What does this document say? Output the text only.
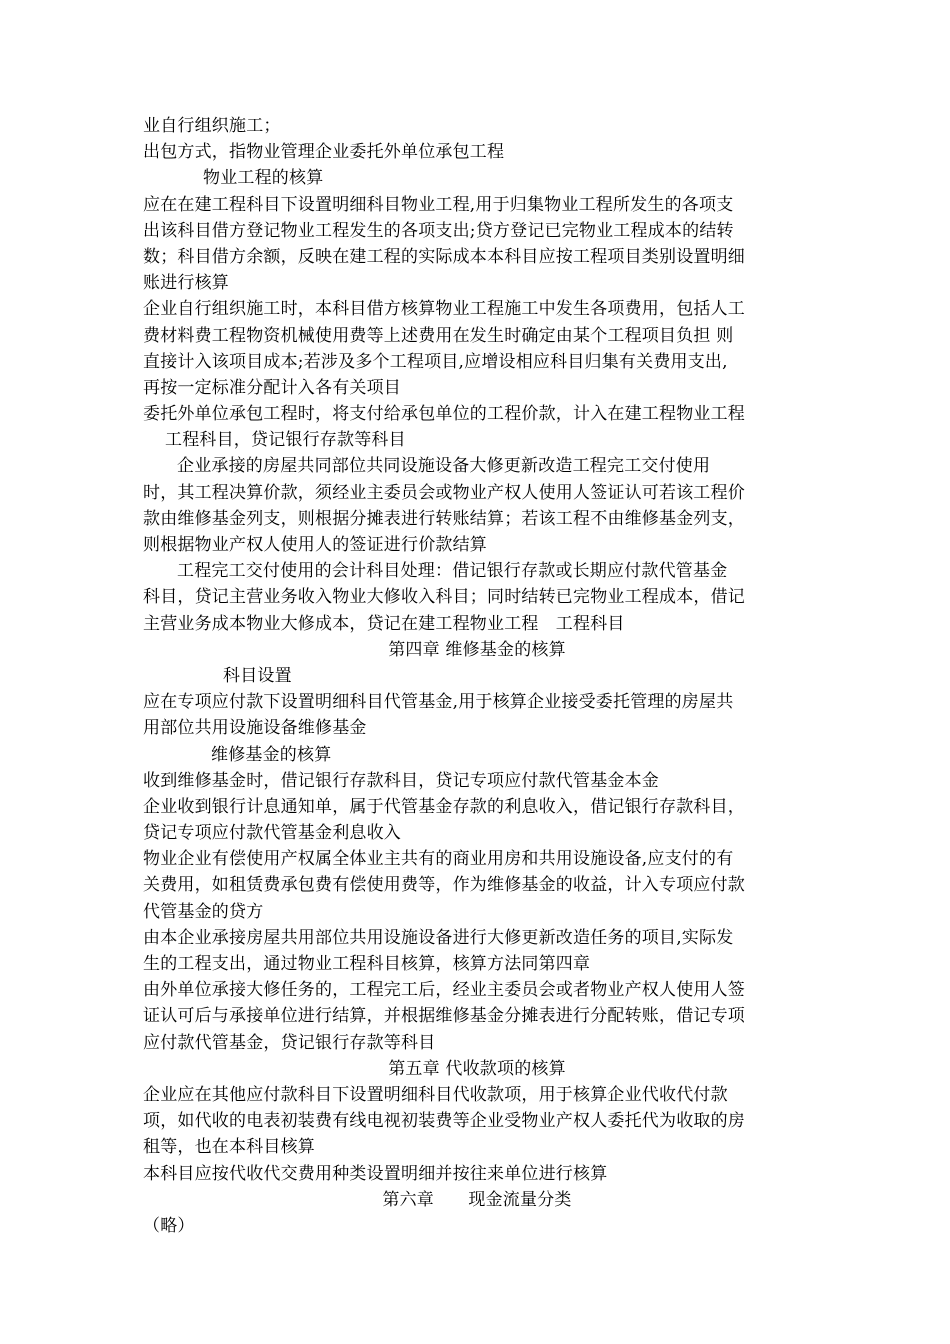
业自行组织施工；
出包方式，指物业管理企业委托外单位承包工程
物业工程的核算
应在在建工程科目下设置明细科目物业工程,用于归集物业工程所发生的各项支
出该科目借方登记物业工程发生的各项支出;贷方登记已完物业工程成本的结转
数；科目借方余额，反映在建工程的实际成本本科目应按工程项目类别设置明细
账进行核算
企业自行组织施工时，本科目借方核算物业工程施工中发生各项费用，包括人工
费材料费工程物资机械使用费等上述费用在发生时确定由某个工程项目负担 则
直接计入该项目成本;若涉及多个工程项目,应增设相应科目归集有关费用支出,
再按一定标准分配计入各有关项目
委托外单位承包工程时，将支付给承包单位的工程价款，计入在建工程物业工程
工程科目，贷记银行存款等科目
企业承接的房屋共同部位共同设施设备大修更新改造工程完工交付使用
时，其工程决算价款，须经业主委员会或物业产权人使用人签证认可若该工程价
款由维修基金列支，则根据分摊表进行转账结算；若该工程不由维修基金列支，
则根据物业产权人使用人的签证进行价款结算
工程完工交付使用的会计科目处理：借记银行存款或长期应付款代管基金
科目，贷记主营业务收入物业大修收入科目；同时结转已完物业工程成本，借记
主营业务成本物业大修成本，贷记在建工程物业工程　工程科目
第四章 维修基金的核算
科目设置
应在专项应付款下设置明细科目代管基金,用于核算企业接受委托管理的房屋共
用部位共用设施设备维修基金
维修基金的核算
收到维修基金时，借记银行存款科目，贷记专项应付款代管基金本金
企业收到银行计息通知单，属于代管基金存款的利息收入，借记银行存款科目，
贷记专项应付款代管基金利息收入
物业企业有偿使用产权属全体业主共有的商业用房和共用设施设备,应支付的有
关费用，如租赁费承包费有偿使用费等，作为维修基金的收益，计入专项应付款
代管基金的贷方
由本企业承接房屋共用部位共用设施设备进行大修更新改造任务的项目,实际发
生的工程支出，通过物业工程科目核算，核算方法同第四章
由外单位承接大修任务的，工程完工后，经业主委员会或者物业产权人使用人签
证认可后与承接单位进行结算，并根据维修基金分摊表进行分配转账，借记专项
应付款代管基金，贷记银行存款等科目
第五章 代收款项的核算
企业应在其他应付款科目下设置明细科目代收款项，用于核算企业代收代付款
项，如代收的电表初装费有线电视初装费等企业受物业产权人委托代为收取的房
租等，也在本科目核算
本科目应按代收代交费用种类设置明细并按往来单位进行核算
第六章　　现金流量分类
（略）
